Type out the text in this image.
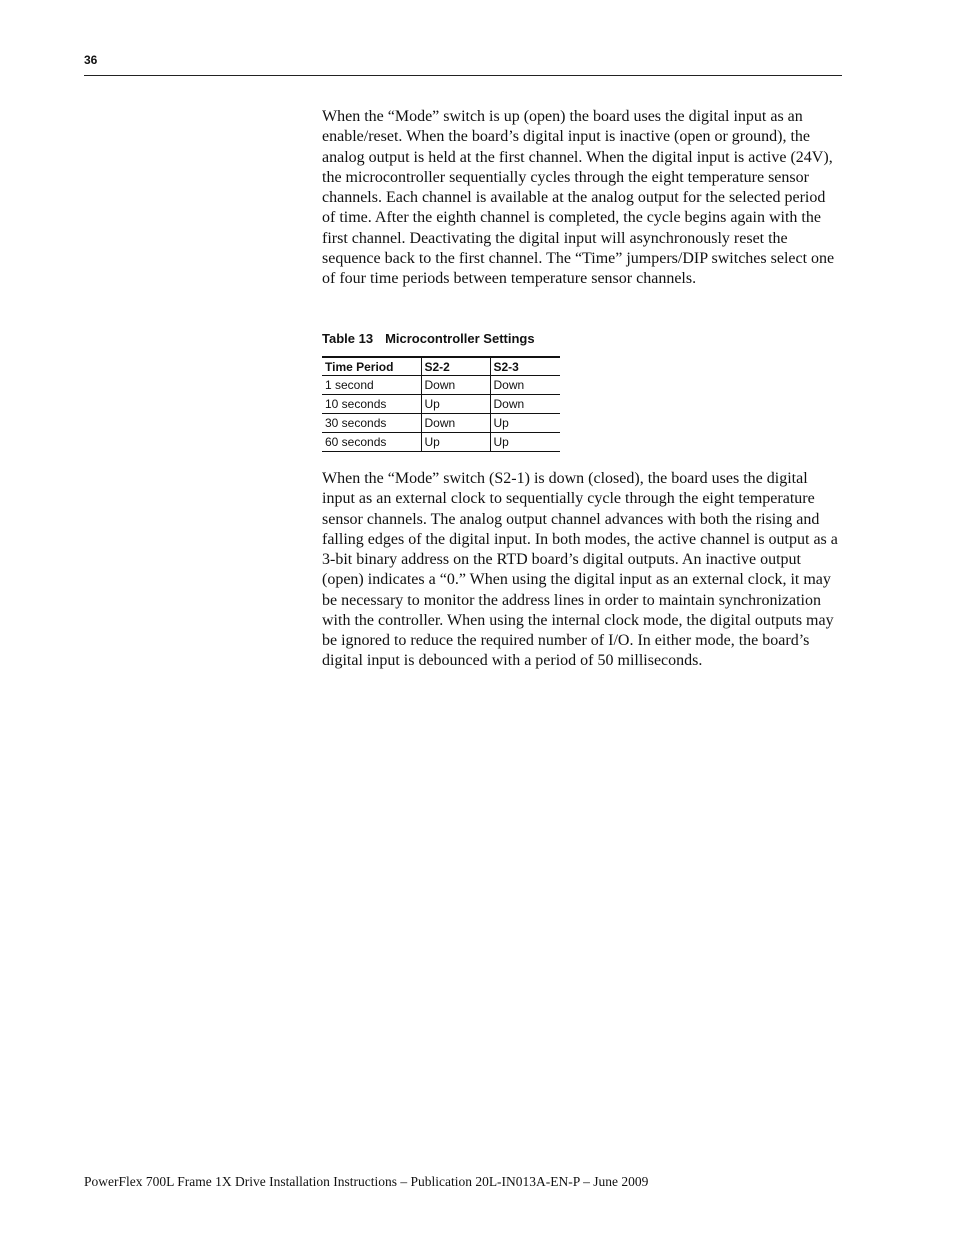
36

When the “Mode” switch is up (open) the board uses the digital input as an enable/reset. When the board’s digital input is inactive (open or ground), the analog output is held at the first channel. When the digital input is active (24V), the microcontroller sequentially cycles through the eight temperature sensor channels. Each channel is available at the analog output for the selected period of time. After the eighth channel is completed, the cycle begins again with the first channel. Deactivating the digital input will asynchronously reset the sequence back to the first channel. The “Time” jumpers/DIP switches select one of four time periods between temperature sensor channels.

Table 13 Microcontroller Settings
Time Period	S2-2	S2-3
1 second	Down	Down
10 seconds	Up	Down
30 seconds	Down	Up
60 seconds	Up	Up

When the “Mode” switch (S2-1) is down (closed), the board uses the digital input as an external clock to sequentially cycle through the eight temperature sensor channels. The analog output channel advances with both the rising and falling edges of the digital input. In both modes, the active channel is output as a 3-bit binary address on the RTD board’s digital outputs. An inactive output (open) indicates a “0.” When using the digital input as an external clock, it may be necessary to monitor the address lines in order to maintain synchronization with the controller. When using the internal clock mode, the digital outputs may be ignored to reduce the required number of I/O. In either mode, the board’s digital input is debounced with a period of 50 milliseconds.

PowerFlex 700L Frame 1X Drive Installation Instructions – Publication 20L-IN013A-EN-P – June 2009
